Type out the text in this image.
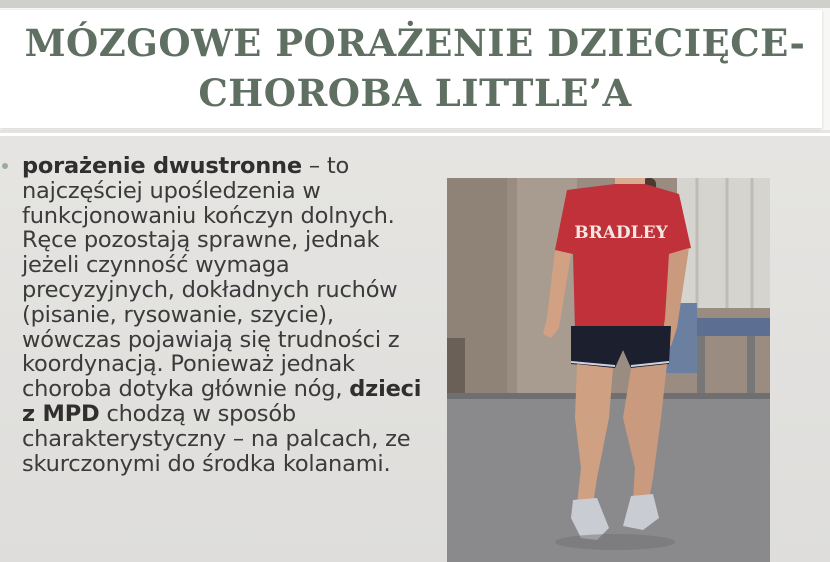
MÓZGOWE PORAŻENIE DZIECIĘCE-
CHOROBA LITTLE’A

porażenie dwustronne – to najczęściej upośledzenia w funkcjonowaniu kończyn dolnych. Ręce pozostają sprawne, jednak jeżeli czynność wymaga precyzyjnych, dokładnych ruchów (pisanie, rysowanie, szycie), wówczas pojawiają się trudności z koordynacją. Ponieważ jednak choroba dotyka głównie nóg, dzieci z MPD chodzą w sposób charakterystyczny – na palcach, ze skurczonymi do środka kolanami.

BRADLEY
